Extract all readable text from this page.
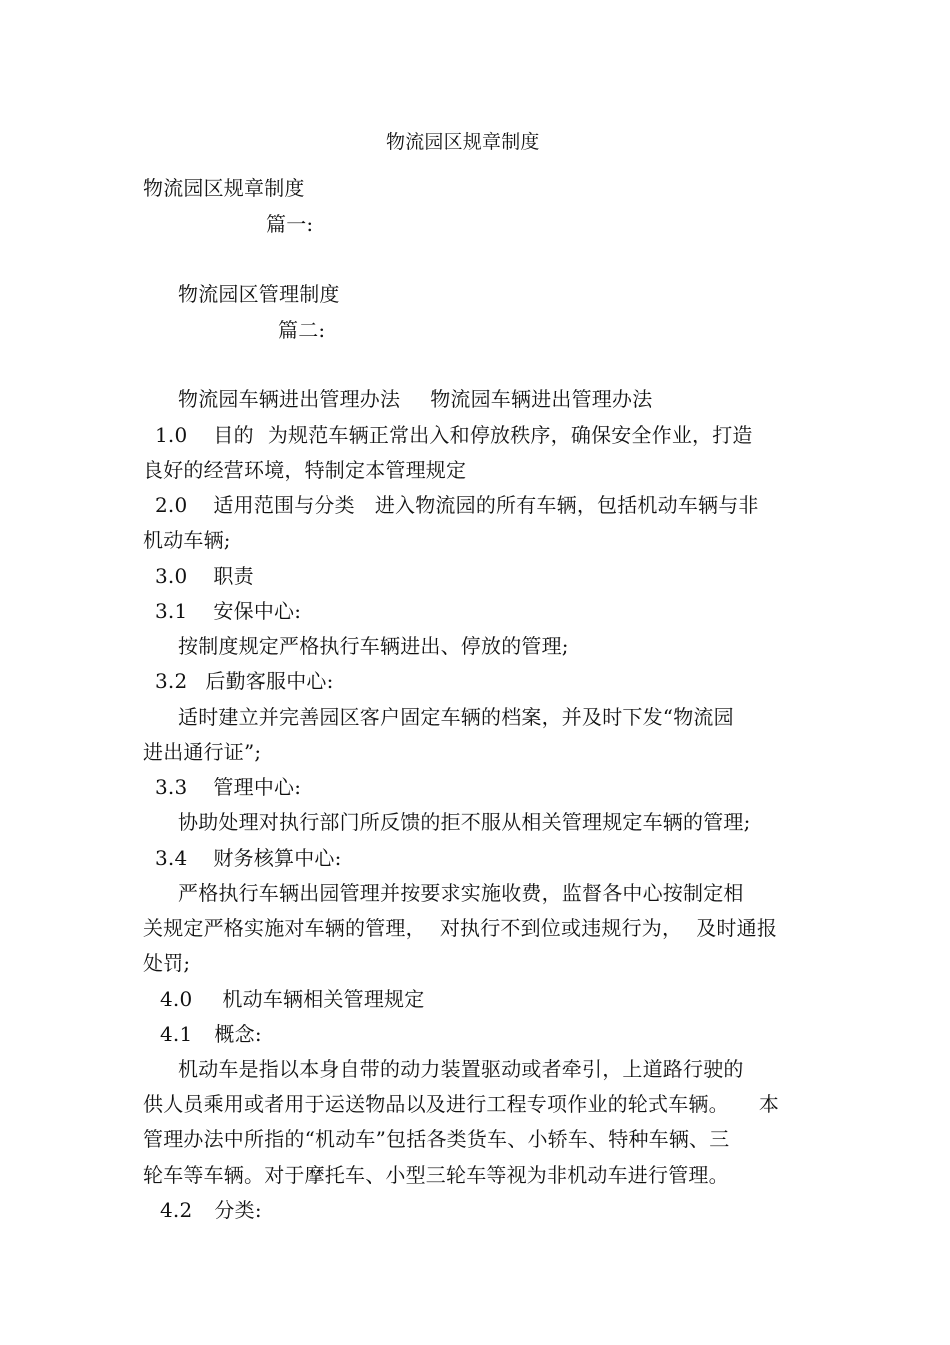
物流园区规章制度
物流园区规章制度
篇一:
物流园区管理制度
篇二:
物流园车辆进出管理办法 物流园车辆进出管理办法
1.0 目的 为规范车辆正常出入和停放秩序，确保安全作业，打造
良好的经营环境，特制定本管理规定
2.0 适用范围与分类 进入物流园的所有车辆，包括机动车辆与非
机动车辆;
3.0 职责
3.1 安保中心:
按制度规定严格执行车辆进出、停放的管理;
3.2 后勤客服中心:
适时建立并完善园区客户固定车辆的档案，并及时下发“物流园
进出通行证”;
3.3 管理中心:
协助处理对执行部门所反馈的拒不服从相关管理规定车辆的管理;
3.4 财务核算中心:
严格执行车辆出园管理并按要求实施收费，监督各中心按制定相
关规定严格实施对车辆的管理， 对执行不到位或违规行为， 及时通报
处罚;
4.0 机动车辆相关管理规定
4.1 概念:
机动车是指以本身自带的动力装置驱动或者牵引，上道路行驶的
供人员乘用或者用于运送物品以及进行工程专项作业的轮式车辆。 本
管理办法中所指的“机动车”包括各类货车、小轿车、特种车辆、三
轮车等车辆。对于摩托车、小型三轮车等视为非机动车进行管理。
4.2 分类:
